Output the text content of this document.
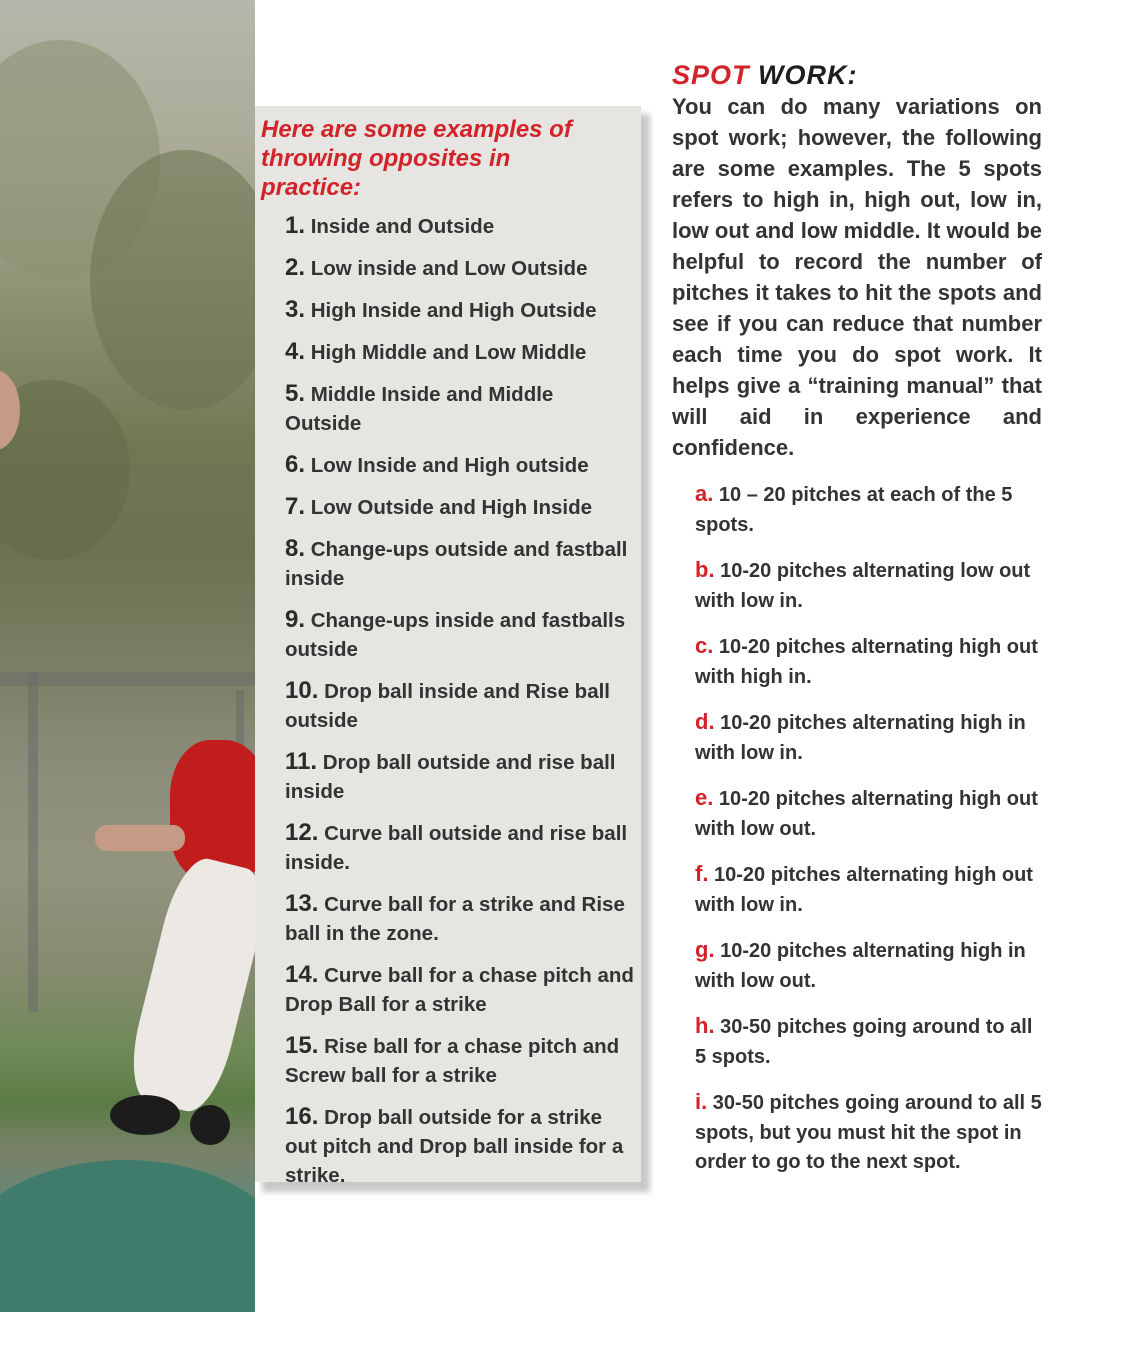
Here are some examples of throwing opposites in practice:

1. Inside and Outside
2. Low inside and Low Outside
3. High Inside and High Outside
4. High Middle and Low Middle
5. Middle Inside and Middle Outside
6. Low Inside and High outside
7. Low Outside and High Inside
8. Change-ups outside and fastball inside
9. Change-ups inside and fastballs outside
10. Drop ball inside and Rise ball outside
11. Drop ball outside and rise ball inside
12. Curve ball outside and rise ball inside.
13. Curve ball for a strike and Rise ball in the zone.
14. Curve ball for a chase pitch and Drop Ball for a strike
15. Rise ball for a chase pitch and Screw ball for a strike
16. Drop ball outside for a strike out pitch and Drop ball inside for a strike.
SPOT WORK:

You can do many variations on spot work; however, the following are some examples. The 5 spots refers to high in, high out, low in, low out and low middle. It would be helpful to record the number of pitches it takes to hit the spots and see if you can reduce that number each time you do spot work. It helps give a “training manual” that will aid in experience and confidence.

a. 10 – 20 pitches at each of the 5 spots.
b. 10-20 pitches alternating low out with low in.
c. 10-20 pitches alternating high out with high in.
d. 10-20 pitches alternating high in with low in.
e. 10-20 pitches alternating high out with low out.
f. 10-20 pitches alternating high out with low in.
g. 10-20 pitches alternating high in with low out.
h. 30-50 pitches going around to all 5 spots.
i. 30-50 pitches going around to all 5 spots, but you must hit the spot in order to go to the next spot.
